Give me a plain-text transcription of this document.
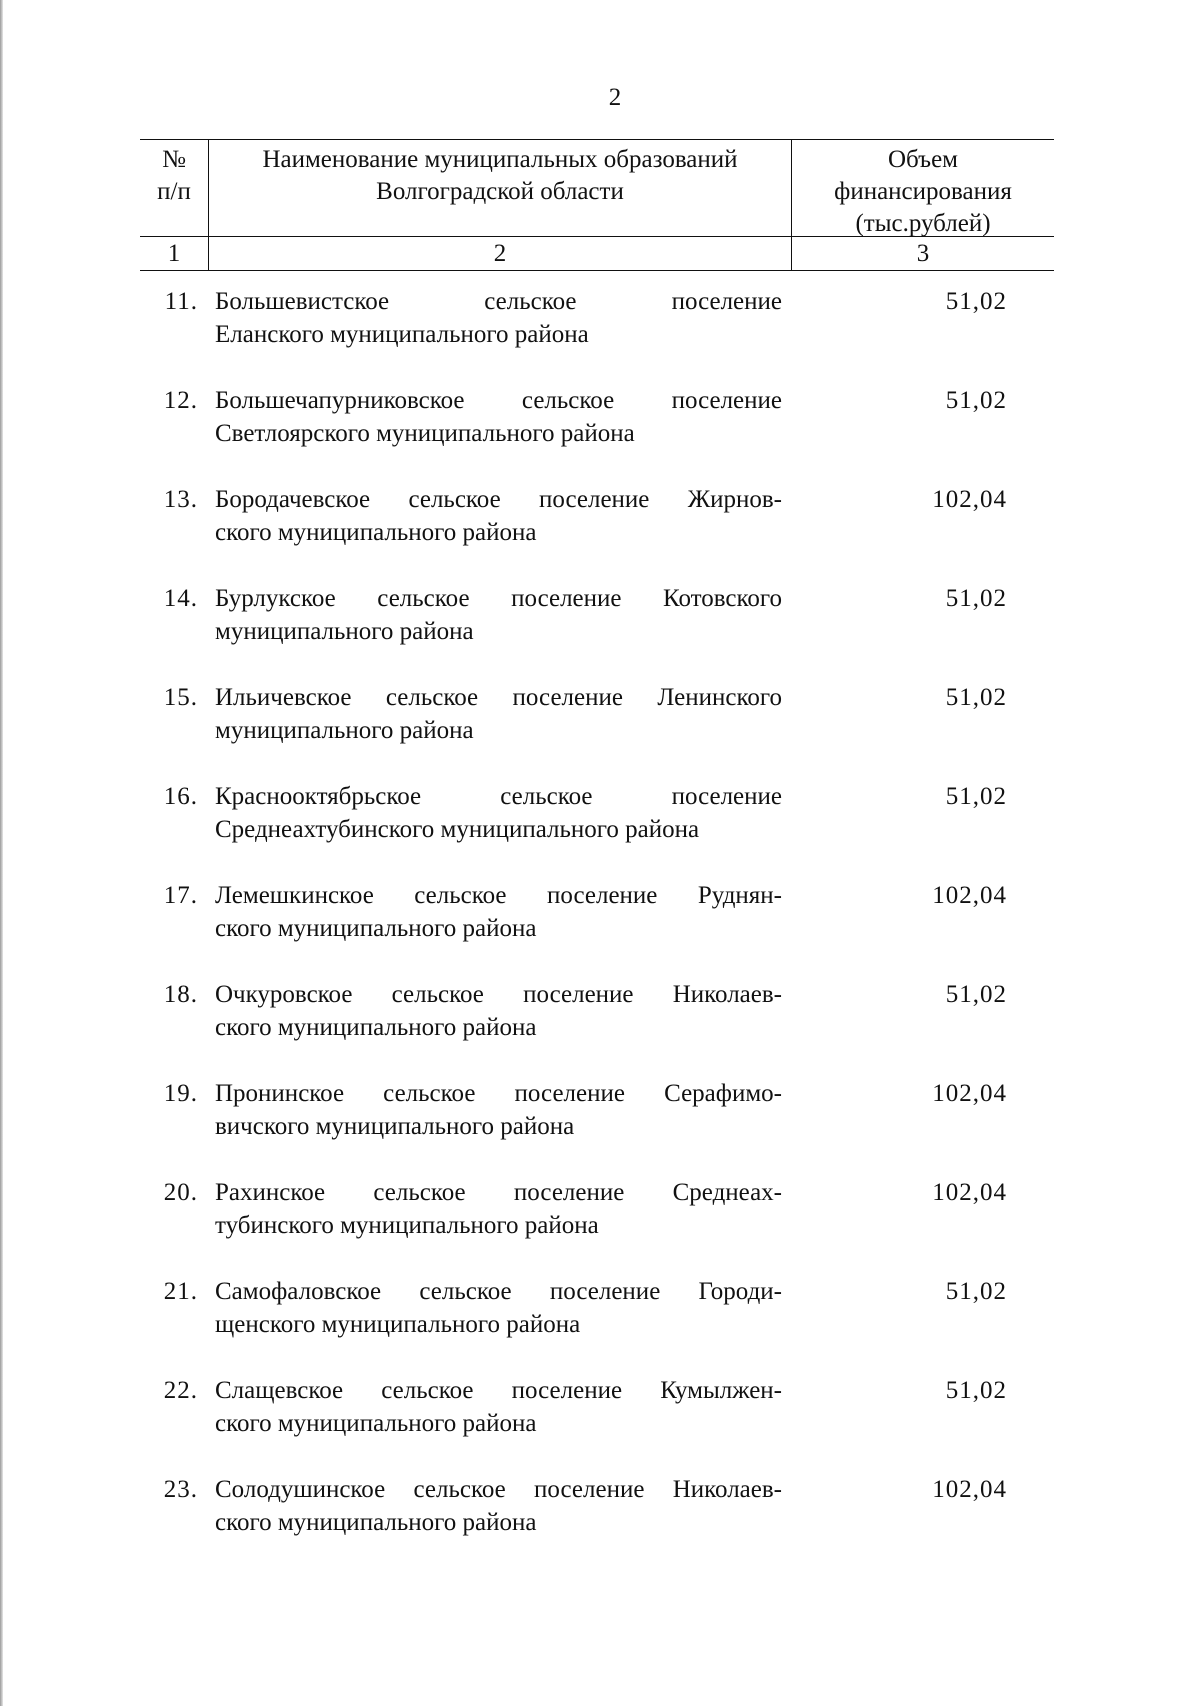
2
№
п/п
Наименование муниципальных образований
Волгоградской области
Объем
финансирования
(тыс.рублей)
1	2	3
11. Большевистское сельское поселение
Еланского муниципального района
51,02
12. Большечапурниковское сельское поселение
Светлоярского муниципального района
51,02
13. Бородачевское сельское поселение Жирнов-
ского муниципального района
102,04
14. Бурлукское сельское поселение Котовского
муниципального района
51,02
15. Ильичевское сельское поселение Ленинского
муниципального района
51,02
16. Краснооктябрьское сельское поселение
Среднеахтубинского муниципального района
51,02
17. Лемешкинское сельское поселение Руднян-
ского муниципального района
102,04
18. Очкуровское сельское поселение Николаев-
ского муниципального района
51,02
19. Пронинское сельское поселение Серафимо-
вичского муниципального района
102,04
20. Рахинское сельское поселение Среднеах-
тубинского муниципального района
102,04
21. Самофаловское сельское поселение Городи-
щенского муниципального района
51,02
22. Слащевское сельское поселение Кумылжен-
ского муниципального района
51,02
23. Солодушинское сельское поселение Николаев-
ского муниципального района
102,04
